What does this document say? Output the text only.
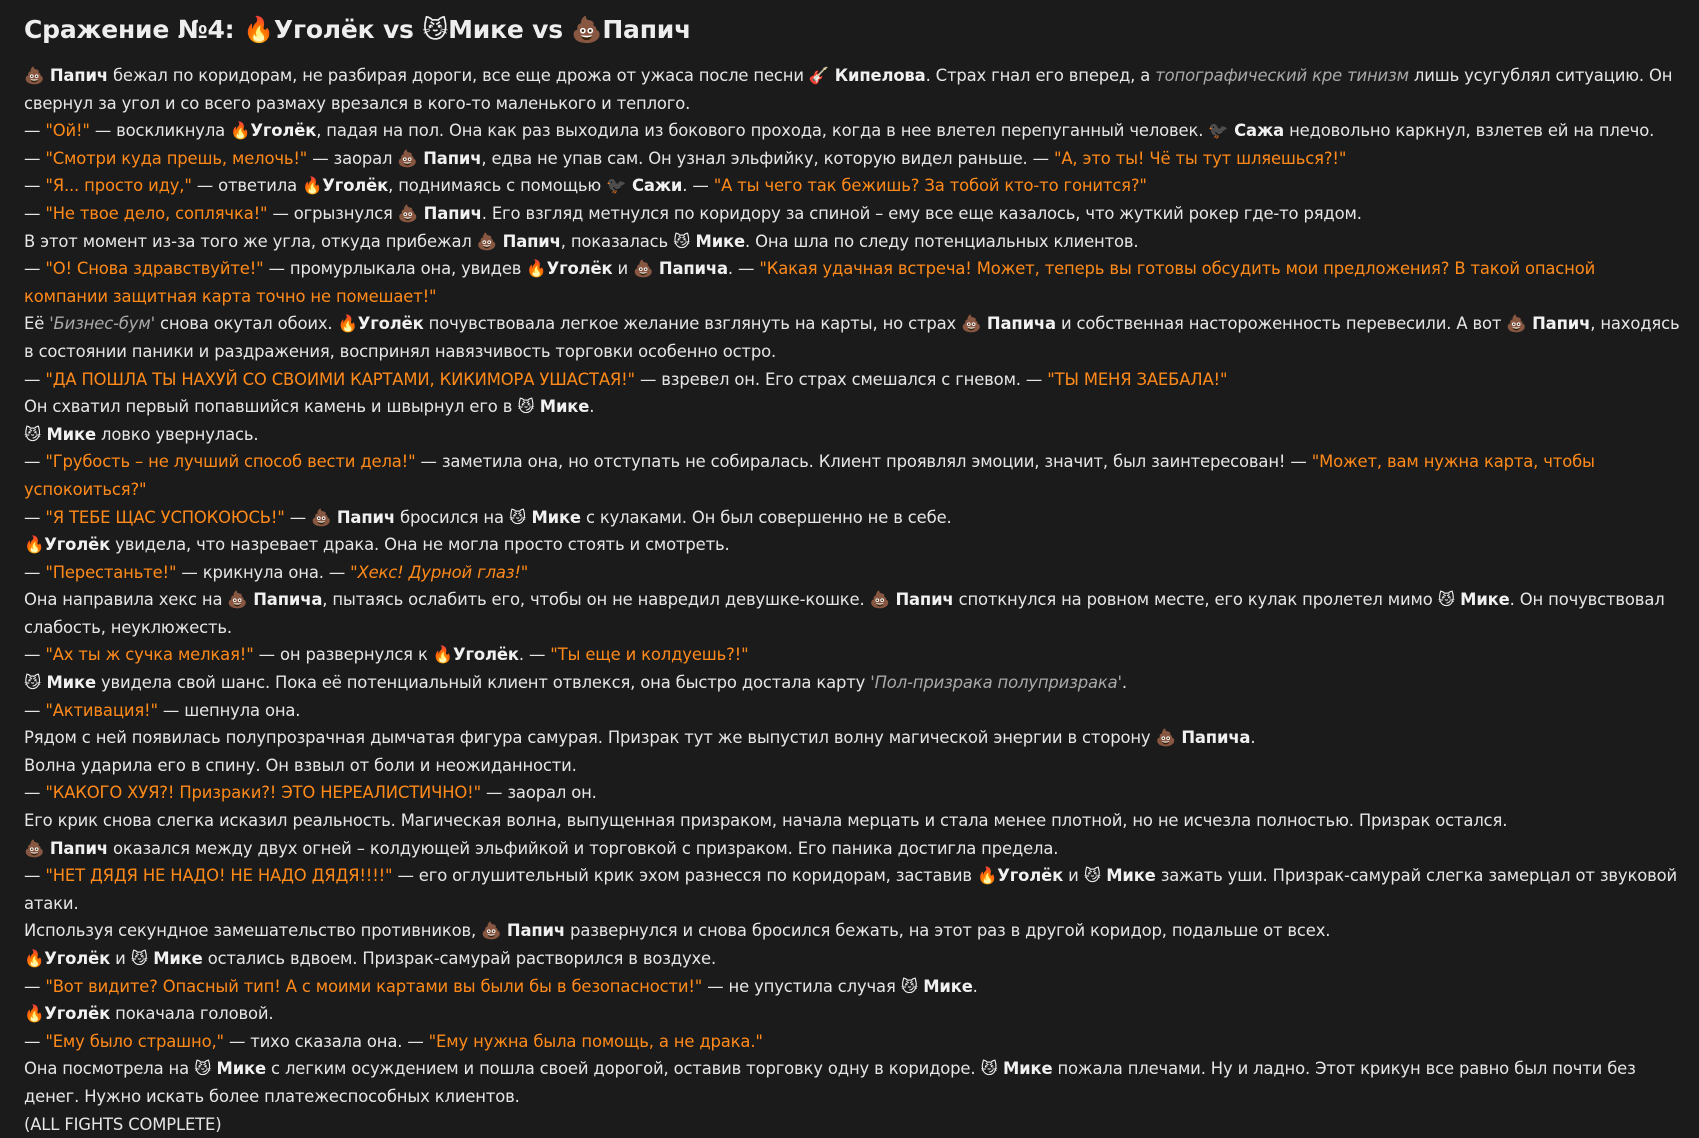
Сражение №4: 🔥Уголёк vs 😼Мике vs 💩Папич

💩 Папич бежал по коридорам, не разбирая дороги, все еще дрожа от ужаса после песни 🎸 Кипелова. Страх гнал его вперед, а топографический кре тинизм лишь усугублял ситуацию. Он свернул за угол и со всего размаху врезался в кого-то маленького и теплого.

— "Ой!" — воскликнула 🔥Уголёк, падая на пол. Она как раз выходила из бокового прохода, когда в нее влетел перепуганный человек. 🐦‍⬛ Сажа недовольно каркнул, взлетев ей на плечо.

— "Смотри куда прешь, мелочь!" — заорал 💩 Папич, едва не упав сам. Он узнал эльфийку, которую видел раньше. — "А, это ты! Чё ты тут шляешься?!"

— "Я... просто иду," — ответила 🔥Уголёк, поднимаясь с помощью 🐦‍⬛ Сажи. — "А ты чего так бежишь? За тобой кто-то гонится?"

— "Не твое дело, соплячка!" — огрызнулся 💩 Папич. Его взгляд метнулся по коридору за спиной – ему все еще казалось, что жуткий рокер где-то рядом.

В этот момент из-за того же угла, откуда прибежал 💩 Папич, показалась 😼 Мике. Она шла по следу потенциальных клиентов.

— "О! Снова здравствуйте!" — промурлыкала она, увидев 🔥Уголёк и 💩 Папича. — "Какая удачная встреча! Может, теперь вы готовы обсудить мои предложения? В такой опасной компании защитная карта точно не помешает!"

Её 'Бизнес-бум' снова окутал обоих. 🔥Уголёк почувствовала легкое желание взглянуть на карты, но страх 💩 Папича и собственная настороженность перевесили. А вот 💩 Папич, находясь в состоянии паники и раздражения, воспринял навязчивость торговки особенно остро.

— "ДА ПОШЛА ТЫ НАХУЙ СО СВОИМИ КАРТАМИ, КИКИМОРА УШАСТАЯ!" — взревел он. Его страх смешался с гневом. — "ТЫ МЕНЯ ЗАЕБАЛА!"

Он схватил первый попавшийся камень и швырнул его в 😼 Мике.

😼 Мике ловко увернулась.

— "Грубость – не лучший способ вести дела!" — заметила она, но отступать не собиралась. Клиент проявлял эмоции, значит, был заинтересован! — "Может, вам нужна карта, чтобы успокоиться?"

— "Я ТЕБЕ ЩАС УСПОКОЮСЬ!" — 💩 Папич бросился на 😼 Мике с кулаками. Он был совершенно не в себе.

🔥Уголёк увидела, что назревает драка. Она не могла просто стоять и смотреть.

— "Перестаньте!" — крикнула она. — "Хекс! Дурной глаз!"

Она направила хекс на 💩 Папича, пытаясь ослабить его, чтобы он не навредил девушке-кошке. 💩 Папич споткнулся на ровном месте, его кулак пролетел мимо 😼 Мике. Он почувствовал слабость, неуклюжесть.

— "Ах ты ж сучка мелкая!" — он развернулся к 🔥Уголёк. — "Ты еще и колдуешь?!"

😼 Мике увидела свой шанс. Пока её потенциальный клиент отвлекся, она быстро достала карту 'Пол-призрака полупризрака'.

— "Активация!" — шепнула она.

Рядом с ней появилась полупрозрачная дымчатая фигура самурая. Призрак тут же выпустил волну магической энергии в сторону 💩 Папича.

Волна ударила его в спину. Он взвыл от боли и неожиданности.

— "КАКОГО ХУЯ?! Призраки?! ЭТО НЕРЕАЛИСТИЧНО!" — заорал он.

Его крик снова слегка исказил реальность. Магическая волна, выпущенная призраком, начала мерцать и стала менее плотной, но не исчезла полностью. Призрак остался.

💩 Папич оказался между двух огней – колдующей эльфийкой и торговкой с призраком. Его паника достигла предела.

— "НЕТ ДЯДЯ НЕ НАДО! НЕ НАДО ДЯДЯ!!!!" — его оглушительный крик эхом разнесся по коридорам, заставив 🔥Уголёк и 😼 Мике зажать уши. Призрак-самурай слегка замерцал от звуковой атаки.

Используя секундное замешательство противников, 💩 Папич развернулся и снова бросился бежать, на этот раз в другой коридор, подальше от всех.

🔥Уголёк и 😼 Мике остались вдвоем. Призрак-самурай растворился в воздухе.

— "Вот видите? Опасный тип! А с моими картами вы были бы в безопасности!" — не упустила случая 😼 Мике.

🔥Уголёк покачала головой.

— "Ему было страшно," — тихо сказала она. — "Ему нужна была помощь, а не драка."

Она посмотрела на 😼 Мике с легким осуждением и пошла своей дорогой, оставив торговку одну в коридоре. 😼 Мике пожала плечами. Ну и ладно. Этот крикун все равно был почти без денег. Нужно искать более платежеспособных клиентов.

(ALL FIGHTS COMPLETE)
